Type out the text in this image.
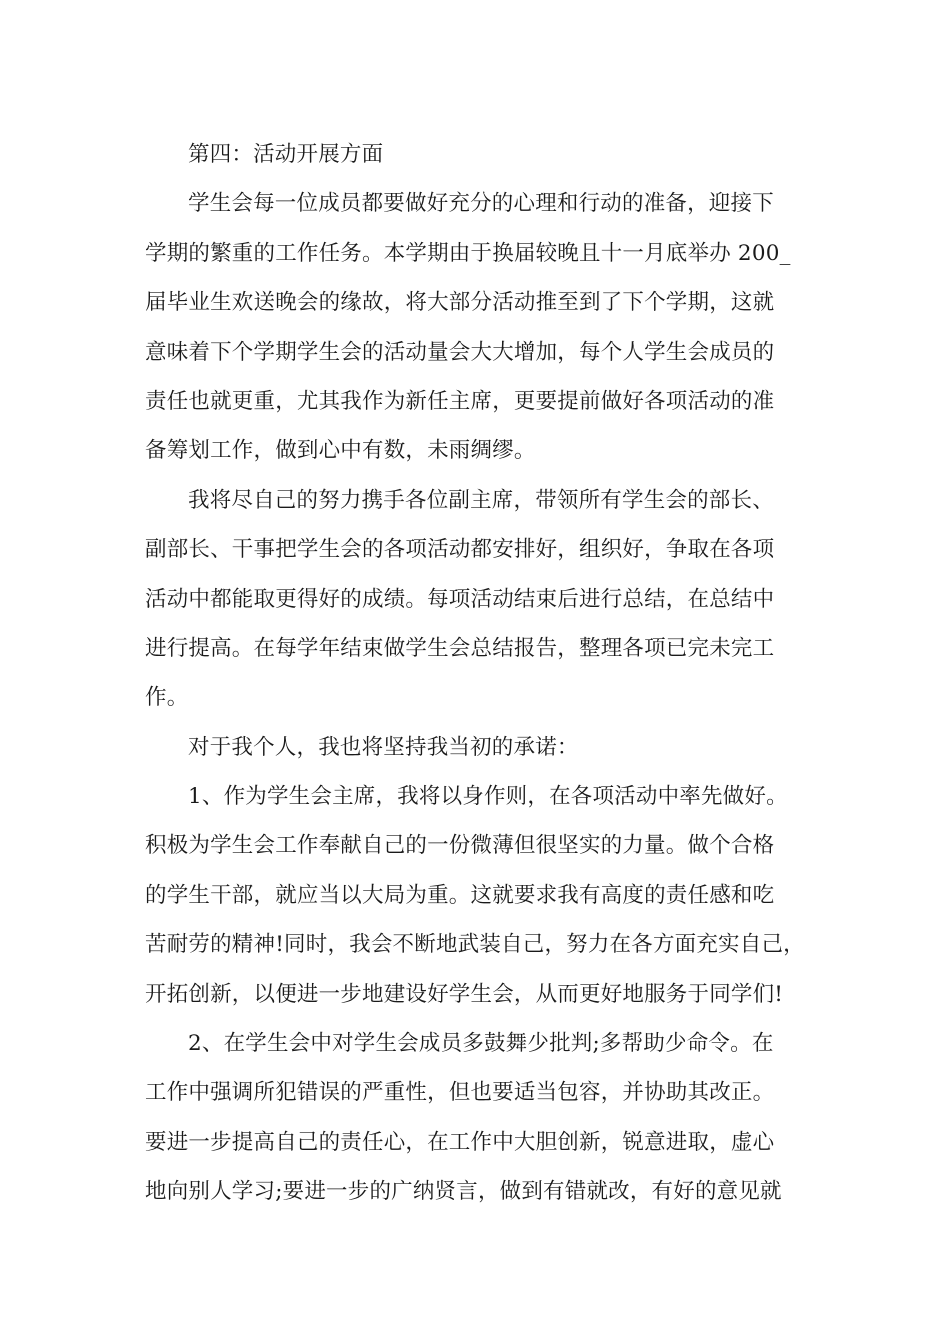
第四：活动开展方面
学生会每一位成员都要做好充分的心理和行动的准备，迎接下
学期的繁重的工作任务。本学期由于换届较晚且十一月底举办 200_
届毕业生欢送晚会的缘故，将大部分活动推至到了下个学期，这就
意味着下个学期学生会的活动量会大大增加，每个人学生会成员的
责任也就更重，尤其我作为新任主席，更要提前做好各项活动的准
备筹划工作，做到心中有数，未雨绸缪。
我将尽自己的努力携手各位副主席，带领所有学生会的部长、
副部长、干事把学生会的各项活动都安排好，组织好，争取在各项
活动中都能取更得好的成绩。每项活动结束后进行总结，在总结中
进行提高。在每学年结束做学生会总结报告，整理各项已完未完工
作。
对于我个人，我也将坚持我当初的承诺：
1、作为学生会主席，我将以身作则，在各项活动中率先做好。
积极为学生会工作奉献自己的一份微薄但很坚实的力量。做个合格
的学生干部，就应当以大局为重。这就要求我有高度的责任感和吃
苦耐劳的精神!同时，我会不断地武装自己，努力在各方面充实自己，
开拓创新，以便进一步地建设好学生会，从而更好地服务于同学们!
2、在学生会中对学生会成员多鼓舞少批判;多帮助少命令。在
工作中强调所犯错误的严重性，但也要适当包容，并协助其改正。
要进一步提高自己的责任心，在工作中大胆创新，锐意进取，虚心
地向别人学习;要进一步的广纳贤言，做到有错就改，有好的意见就
